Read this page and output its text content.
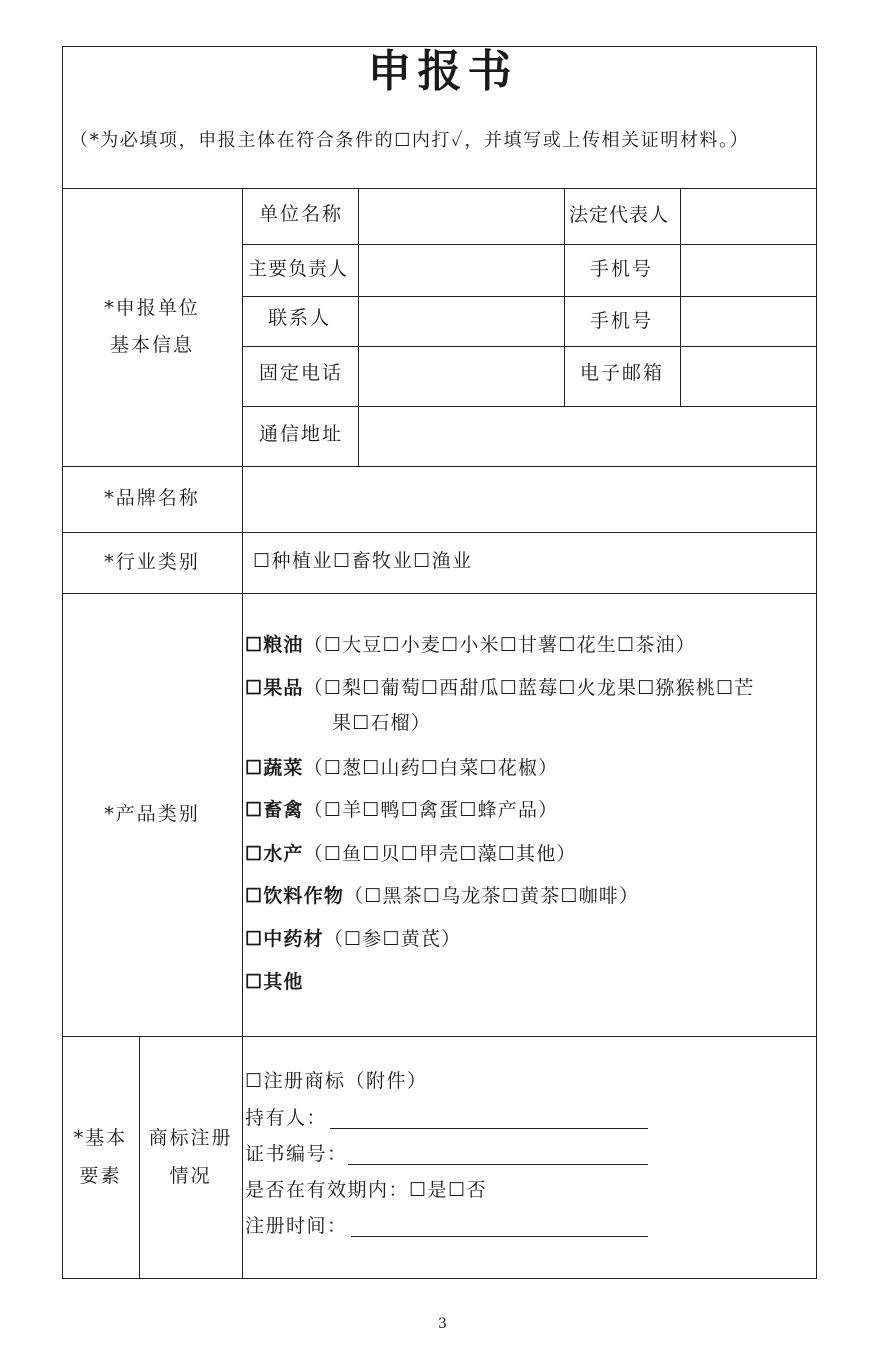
申报书
（*为必填项，申报主体在符合条件的☐内打✓，并填写或上传相关证明材料。）
*申报单位
基本信息
单位名称	法定代表人
主要负责人	手机号
联系人	手机号
固定电话	电子邮箱
通信地址
*品牌名称
*行业类别	☐种植业☐畜牧业☐渔业
*产品类别
☐粮油（☐大豆☐小麦☐小米☐甘薯☐花生☐茶油）
☐果品（☐梨☐葡萄☐西甜瓜☐蓝莓☐火龙果☐猕猴桃☐芒
果☐石榴）
☐蔬菜（☐葱☐山药☐白菜☐花椒）
☐畜禽（☐羊☐鸭☐禽蛋☐蜂产品）
☐水产（☐鱼☐贝☐甲壳☐藻☐其他）
☐饮料作物（☐黑茶☐乌龙茶☐黄茶☐咖啡）
☐中药材（☐参☐黄芪）
☐其他
*基本
要素
商标注册
情况
☐注册商标（附件）
持有人：
证书编号：
是否在有效期内：☐是☐否
注册时间：
3
